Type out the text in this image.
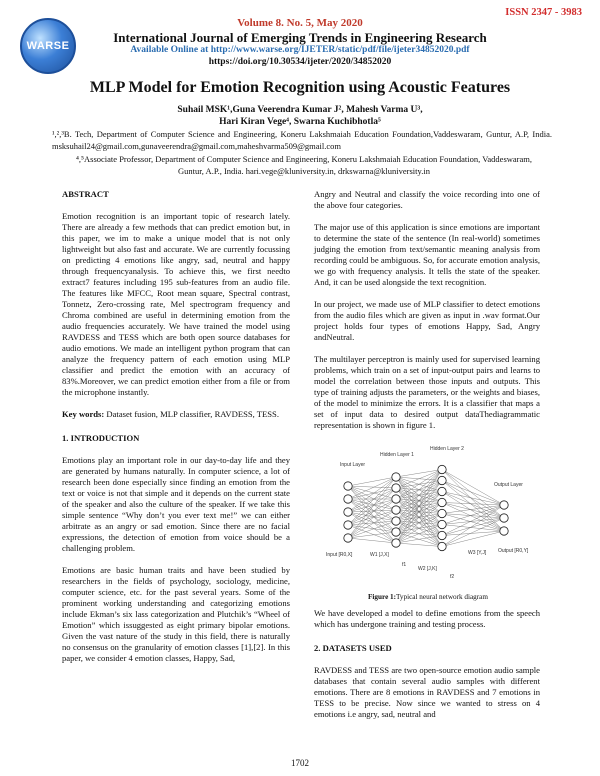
WARSE
ISSN 2347 - 3983
Volume 8. No. 5, May 2020
International Journal of Emerging Trends in Engineering Research
Available Online at http://www.warse.org/IJETER/static/pdf/file/ijeter34852020.pdf
https://doi.org/10.30534/ijeter/2020/34852020
MLP Model for Emotion Recognition using Acoustic Features
Suhail MSK¹,Guna Veerendra Kumar J², Mahesh Varma U³,
Hari Kiran Vege⁴, Swarna Kuchibhotla⁵
¹,²,³B. Tech, Department of Computer Science and Engineering, Koneru Lakshmaiah Education Foundation,Vaddeswaram, Guntur, A.P, India. msksuhail24@gmail.com,gunaveerendra@gmail.com,maheshvarma509@gmail.com
⁴,⁵Associate Professor, Department of Computer Science and Engineering, Koneru Lakshmaiah Education Foundation, Vaddeswaram, Guntur, A.P., India. hari.vege@kluniversity.in, drkswarna@kluniversity.in
ABSTRACT
Emotion recognition is an important topic of research lately. There are already a few methods that can predict emotion but, in this paper, we im to make a unique model that is not only lightweight but also fast and accurate. We are currently focussing on predicting 4 emotions like angry, sad, neutral and happy through frequencyanalysis. To achieve this, we first needto extract7 features including 195 sub-features from an audio file. The features like MFCC, Root mean square, Spectral contrast, Tonnetz, Zero-crossing rate, Mel spectrogram frequency and Chroma combined are useful in determining emotion from the audio frequencies accurately. We have trained the model using RAVDESS and TESS which are both open source databases for audio emotions. We made an intelligent python program that can analyze the frequency pattern of each emotion using MLP classifier and predict the emotion with an accuracy of 83%.Moreover, we can predict emotion either from a file or from the microphone instantly.
Key words: Dataset fusion, MLP classifier, RAVDESS, TESS.
1. INTRODUCTION
Emotions play an important role in our day-to-day life and they are generated by humans naturally. In computer science, a lot of research been done especially since finding an emotion from the text or voice is not that simple and it depends on the current state of the speaker and also the culture of the speaker. If we take this simple sentence “Why don’t you ever text me!” we can either arbitrate as an angry or sad emotion. Since there are no facial expressions, the detection of emotion from voice should be a challenging problem.
Emotions are basic human traits and have been studied by researchers in the fields of psychology, sociology, medicine, computer science, etc. for the past several years. Some of the prominent working understanding and categorizing emotions include Ekman’s six lass categorization and Plutchik’s “Wheel of Emotion” which issuggested as eight primary bipolar emotions. Given the vast nature of the study in this field, there is naturally no consensus on the granularity of emotion classes [1],[2]. In this paper, we consider 4 emotion classes, Happy, Sad,
Angry and Neutral and classify the voice recording into one of the above four categories.
The major use of this application is since emotions are important to determine the state of the sentence (In real-world) sometimes judging the emotion from text/semantic meaning analysis from recording could be ambiguous. So, for accurate emotion analysis, we go with frequency analysis. It tells the state of the speaker. And, it can be used alongside the text recognition.
In our project, we made use of MLP classifier to detect emotions from the audio files which are given as input in .wav format.Our project holds four types of emotions Happy, Sad, Angry andNeutral.
The multilayer perceptron is mainly used for supervised learning problems, which train on a set of input-output pairs and learns to model the correlation between those inputs and outputs. This type of training adjusts the parameters, or the weights and biases, of the model to minimize the errors. It is a classifier that maps a set of input data to desired output dataThediagrammatic representation is shown in figure 1.
Input Layer
Hidden Layer 1
Hidden Layer 2
Output Layer
Input [R0,X]	W1 [J,X]
f1
W2 [J,K]
f2
W3 [Y,J] Output [R0,Y]
Figure 1:Typical neural network diagram
We have developed a model to define emotions from the speech which has undergone training and testing process.
2. DATASETS USED
RAVDESS and TESS are two open-source emotion audio sample databases that contain several audio samples with different emotions. There are 8 emotions in RAVDESS and 7 emotions in TESS to be precise. Now since we wanted to stress on 4 emotions i.e angry, sad, neutral and
1702
